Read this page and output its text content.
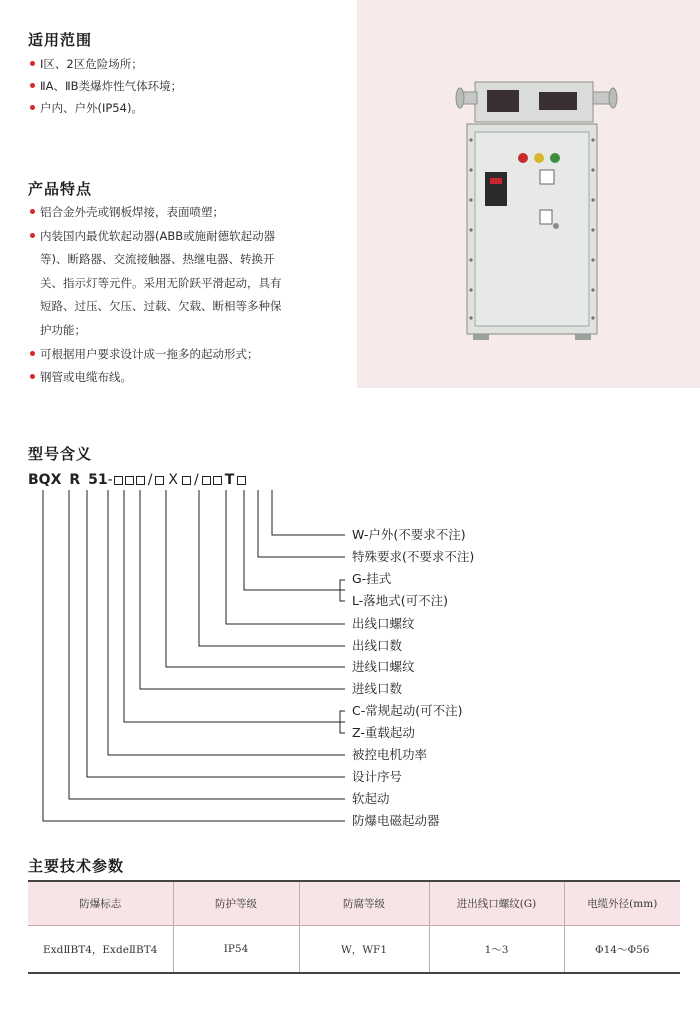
适用范围
Ⅰ区、2区危险场所；
ⅡA、ⅡB类爆炸性气体环境；
户内、户外(IP54)。
产品特点
铝合金外壳或钢板焊接，表面喷塑；
内装国内最优软起动器(ABB或施耐德软起动器
等)、断路器、交流接触器、热继电器、转换开
关、指示灯等元件。采用无阶跃平滑起动，具有
短路、过压、欠压、过载、欠载、断相等多种保
护功能；
可根据用户要求设计成一拖多的起动形式；
钢管或电缆布线。
型号含义
BQX R 51 -	/ X / T
W-户外(不要求不注)
特殊要求(不要求不注)
G-挂式
L-落地式(可不注)
出线口螺纹
出线口数
进线口螺纹
进线口数
C-常规起动(可不注)
Z-重载起动
被控电机功率
设计序号
软起动
防爆电磁起动器
主要技术参数
防爆标志	防护等级	防腐等级	进出线口螺纹(G)	电缆外径(mm)
ExdⅡBT4，ExdeⅡBT4	IP54	W，WF1	1～3	Φ14～Φ56
